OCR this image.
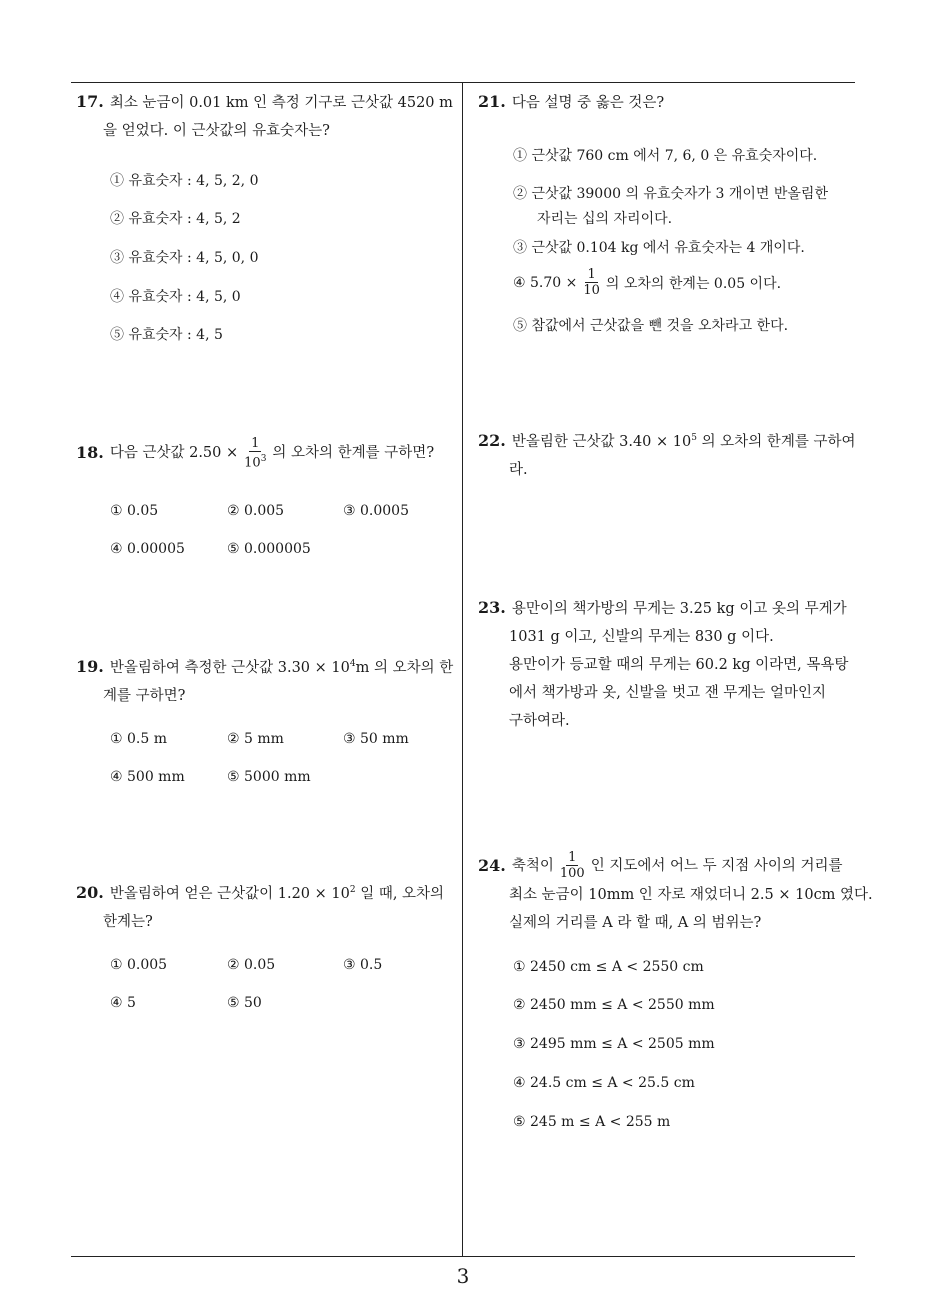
17. 최소 눈금이 0.01 km 인 측정 기구로 근삿값 4520 m
을 얻었다. 이 근삿값의 유효숫자는?
① 유효숫자 : 4, 5, 2, 0
② 유효숫자 : 4, 5, 2
③ 유효숫자 : 4, 5, 0, 0
④ 유효숫자 : 4, 5, 0
⑤ 유효숫자 : 4, 5
18. 다음 근삿값 $2.50 \times \frac{1}{10^3}$ 의 오차의 한계를 구하면?
① 0.05	② 0.005	③ 0.0005
④ 0.00005	⑤ 0.000005
19. 반올림하여 측정한 근삿값 $3.30 \times 10^4m$ 의 오차의 한
계를 구하면?
① 0.5 m	② 5 mm	③ 50 mm
④ 500 mm	⑤ 5000 mm
20. 반올림하여 얻은 근삿값이 $1.20 \times 10^2$ 일 때, 오차의
한계는?
① 0.005	② 0.05	③ 0.5
④ 5	⑤ 50
21. 다음 설명 중 옳은 것은?
① 근삿값 760 cm 에서 7, 6, 0 은 유효숫자이다.
② 근삿값 39000 의 유효숫자가 3 개이면 반올림한
자리는 십의 자리이다.
③ 근삿값 0.104 kg 에서 유효숫자는 4 개이다.
④ $5.70 \times \frac{1}{10}$ 의 오차의 한계는 0.05 이다.
⑤ 참값에서 근삿값을 뺀 것을 오차라고 한다.
22. 반올림한 근삿값 $3.40 \times 10^5$ 의 오차의 한계를 구하여
라.
23. 용만이의 책가방의 무게는 3.25 kg 이고 옷의 무게가
1031 g 이고, 신발의 무게는 830 g 이다.
용만이가 등교할 때의 무게는 60.2 kg 이라면, 목욕탕
에서 책가방과 옷, 신발을 벗고 잰 무게는 얼마인지
구하여라.
24. 축척이 $\frac{1}{100}$ 인 지도에서 어느 두 지점 사이의 거리를
최소 눈금이 10mm 인 자로 재었더니 2.5 × 10cm 였다.
실제의 거리를 A 라 할 때, A 의 범위는?
① 2450 cm ≤ A < 2550 cm
② 2450 mm ≤ A < 2550 mm
③ 2495 mm ≤ A < 2505 mm
④ 24.5 cm ≤ A < 25.5 cm
⑤ 245 m ≤ A < 255 m
3
